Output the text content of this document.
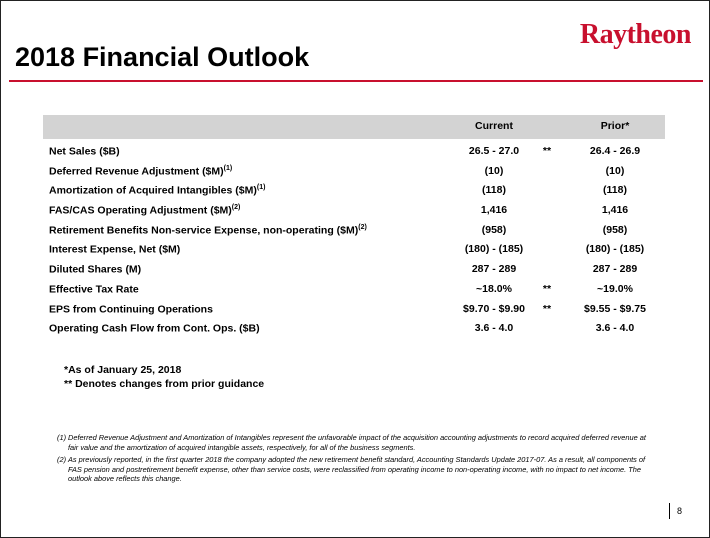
Raytheon
2018 Financial Outlook
Current	Prior*
Net Sales ($B)	26.5 - 27.0	**	26.4 - 26.9
Deferred Revenue Adjustment ($M)$^{(1)}$	(10)	(10)
Amortization of Acquired Intangibles ($M)$^{(1)}$	(118)	(118)
FAS/CAS Operating Adjustment ($M)$^{(2)}$	1,416	1,416
Retirement Benefits Non-service Expense, non-operating ($M)$^{(2)}$	(958)	(958)
Interest Expense, Net ($M)	(180) - (185)	(180) - (185)
Diluted Shares (M)	287 - 289	287 - 289
Effective Tax Rate	~18.0%	**	~19.0%
EPS from Continuing Operations	$9.70 - $9.90	**	$9.55 - $9.75
Operating Cash Flow from Cont. Ops. ($B)	3.6 - 4.0	3.6 - 4.0
*As of January 25, 2018
** Denotes changes from prior guidance
(1) Deferred Revenue Adjustment and Amortization of Intangibles represent the unfavorable impact of the acquisition accounting adjustments to record acquired deferred revenue at fair value and the amortization of acquired intangible assets, respectively, for all of the business segments.
(2) As previously reported, in the first quarter 2018 the company adopted the new retirement benefit standard, Accounting Standards Update 2017-07. As a result, all components of FAS pension and postretirement benefit expense, other than service costs, were reclassified from operating income to non-operating income, with no impact to net income. The outlook above reflects this change.
8
